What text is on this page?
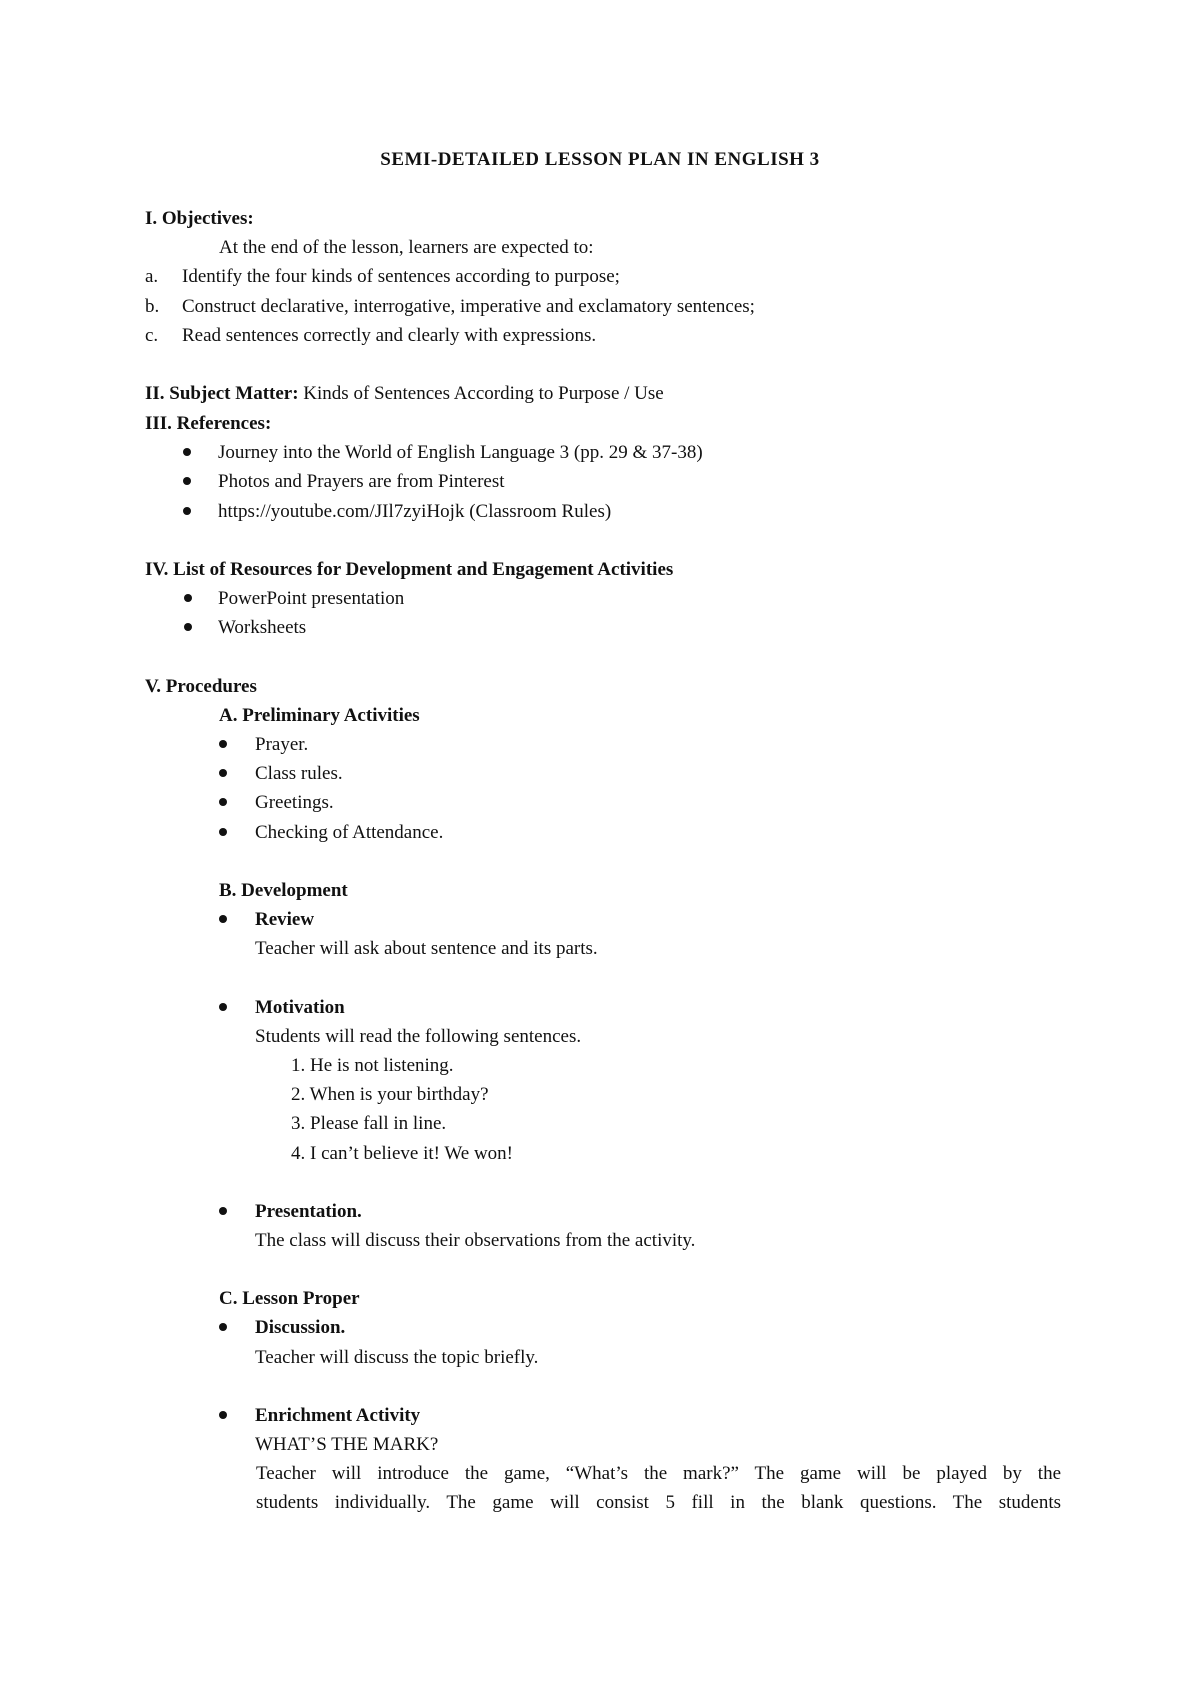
SEMI-DETAILED LESSON PLAN IN ENGLISH 3
I. Objectives:
At the end of the lesson, learners are expected to:
a. Identify the four kinds of sentences according to purpose;
b. Construct declarative, interrogative, imperative and exclamatory sentences;
c. Read sentences correctly and clearly with expressions.
II. Subject Matter: Kinds of Sentences According to Purpose / Use
III. References:
Journey into the World of English Language 3 (pp. 29 & 37-38)
Photos and Prayers are from Pinterest
https://youtube.com/JIl7zyiHojk (Classroom Rules)
IV. List of Resources for Development and Engagement Activities
PowerPoint presentation
Worksheets
V. Procedures
A. Preliminary Activities
Prayer.
Class rules.
Greetings.
Checking of Attendance.
B. Development
Review
Teacher will ask about sentence and its parts.
Motivation
Students will read the following sentences.
1. He is not listening.
2. When is your birthday?
3. Please fall in line.
4. I can’t believe it! We won!
Presentation.
The class will discuss their observations from the activity.
C. Lesson Proper
Discussion.
Teacher will discuss the topic briefly.
Enrichment Activity
WHAT’S THE MARK?
Teacher will introduce the game, “What’s the mark?” The game will be played by the
students individually. The game will consist 5 fill in the blank questions. The students
